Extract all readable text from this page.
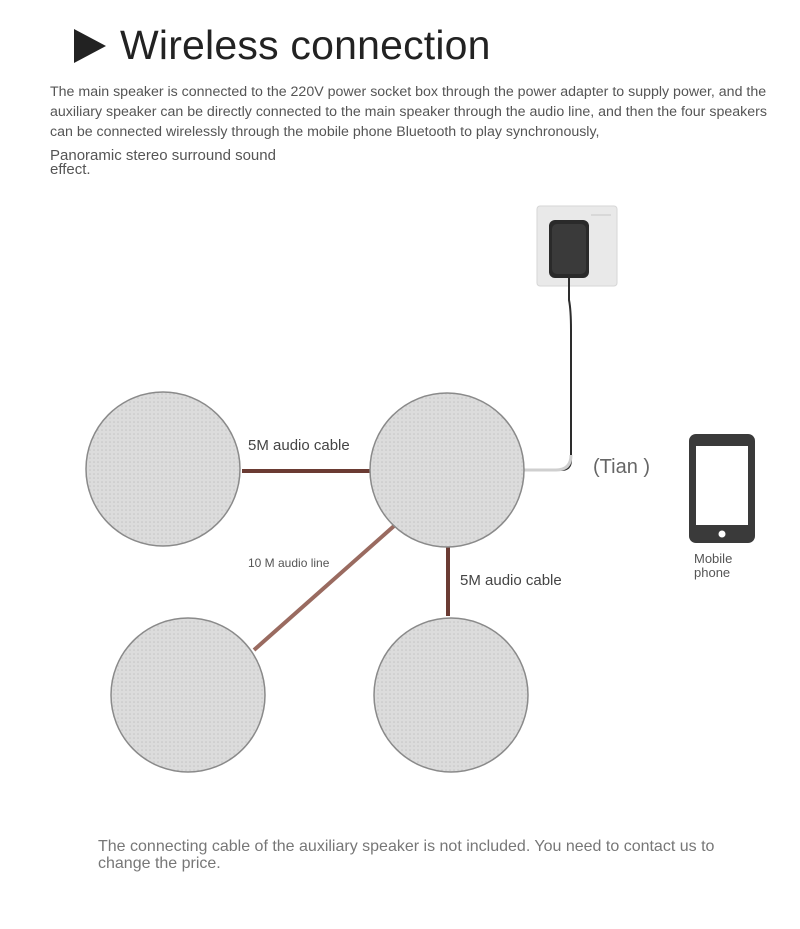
Wireless connection

The main speaker is connected to the 220V power socket box through the power adapter to supply power, and the auxiliary speaker can be directly connected to the main speaker through the audio line, and then the four speakers can be connected wirelessly through the mobile phone Bluetooth to play synchronously,

Panoramic stereo surround sound effect.

5M audio cable
10 M audio line
5M audio cable
(Tian )
Mobile phone

The connecting cable of the auxiliary speaker is not included. You need to contact us to change the price.
